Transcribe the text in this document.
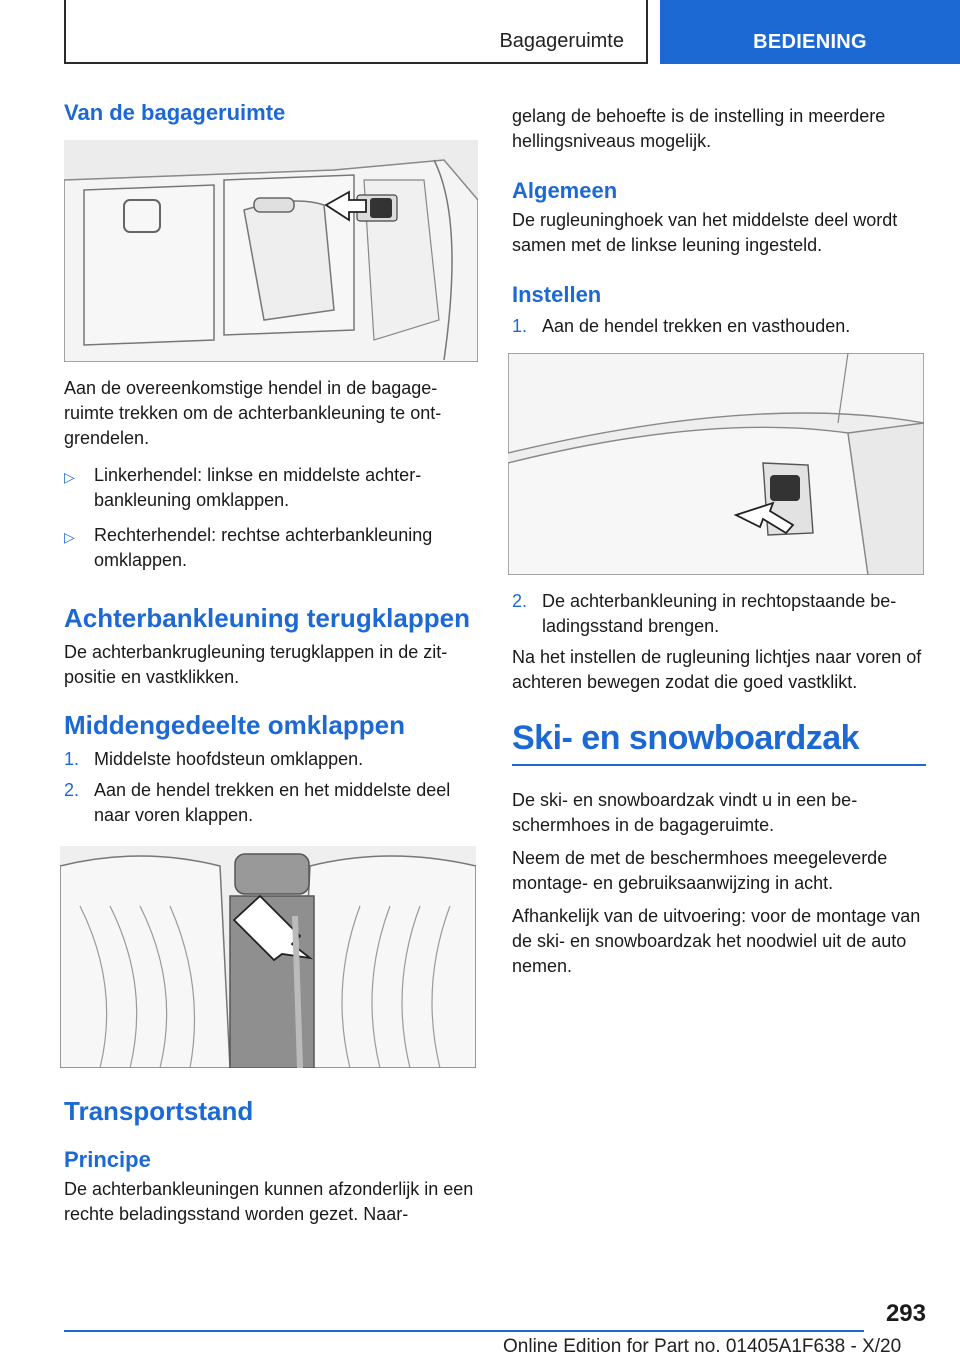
Bagageruimte	BEDIENING
Van de bagageruimte

Aan de overeenkomstige hendel in de bagage-ruimte trekken om de achterbankleuning te ont-grendelen.

▷	Linkerhendel: linkse en middelste achter-bankleuning omklappen.
▷	Rechterhendel: rechtse achterbankleuning omklappen.
Achterbankleuning terugklappen

De achterbankrugleuning terugklappen in de zit-positie en vastklikken.

Middengedeelte omklappen
1. Middelste hoofdsteun omklappen.
2. Aan de hendel trekken en het middelste deel naar voren klappen.
Transportstand
Principe

De achterbankleuningen kunnen afzonderlijk in een rechte beladingsstand worden gezet. Naar-

gelang de behoefte is de instelling in meerdere hellingsniveaus mogelijk.

Algemeen

De rugleuninghoek van het middelste deel wordt samen met de linkse leuning ingesteld.

Instellen
1. Aan de hendel trekken en vasthouden.
2. De achterbankleuning in rechtopstaande be-ladingsstand brengen.

Na het instellen de rugleuning lichtjes naar voren of achteren bewegen zodat die goed vastklikt.

Ski- en snowboardzak

De ski- en snowboardzak vindt u in een be-schermhoes in de bagageruimte.

Neem de met de beschermhoes meegeleverde montage- en gebruiksaanwijzing in acht.

Afhankelijk van de uitvoering: voor de montage van de ski- en snowboardzak het noodwiel uit de auto nemen.

293
Online Edition for Part no. 01405A1F638 - X/20
